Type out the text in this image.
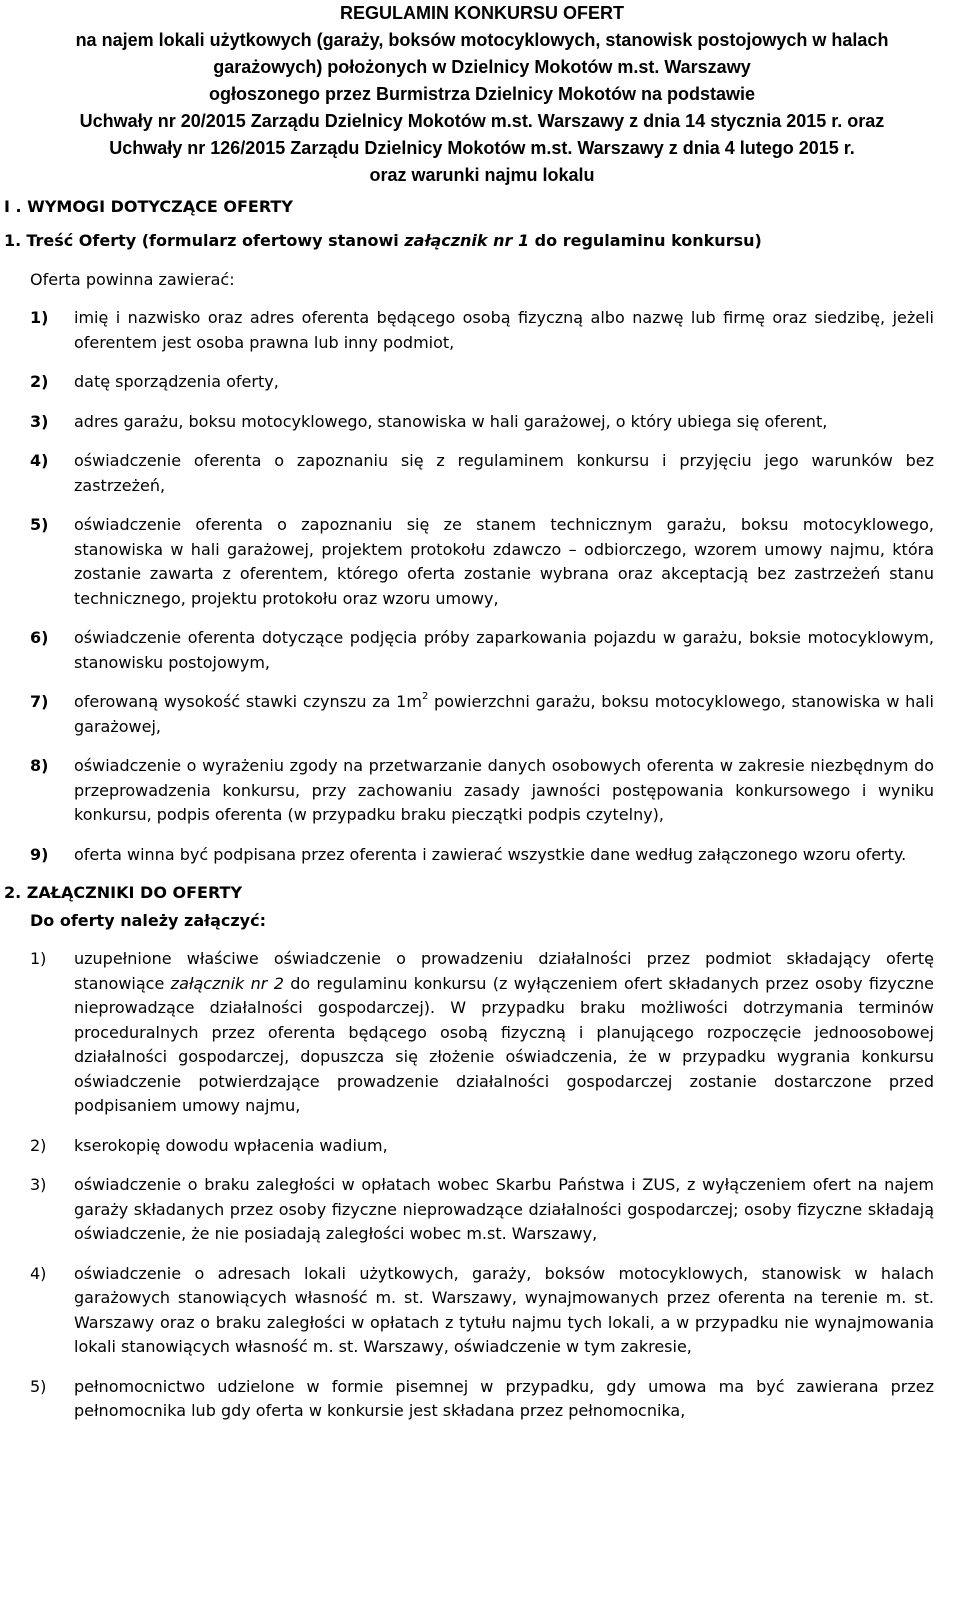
REGULAMIN KONKURSU OFERT
na najem lokali użytkowych (garaży, boksów motocyklowych, stanowisk postojowych w halach
garażowych) położonych w Dzielnicy Mokotów m.st. Warszawy
ogłoszonego przez Burmistrza Dzielnicy Mokotów na podstawie
Uchwały nr 20/2015 Zarządu Dzielnicy Mokotów m.st. Warszawy z dnia 14 stycznia 2015 r. oraz
Uchwały nr 126/2015 Zarządu Dzielnicy Mokotów m.st. Warszawy z dnia 4 lutego 2015 r.
oraz warunki najmu lokalu
I . WYMOGI DOTYCZĄCE OFERTY
1. Treść Oferty (formularz ofertowy stanowi załącznik nr 1 do regulaminu konkursu)
Oferta powinna zawierać:
1)	imię i nazwisko oraz adres oferenta będącego osobą fizyczną albo nazwę lub firmę oraz siedzibę, jeżeli oferentem jest osoba prawna lub inny podmiot,
2)	datę sporządzenia oferty,
3)	adres garażu, boksu motocyklowego, stanowiska w hali garażowej, o który ubiega się oferent,
4)	oświadczenie oferenta o zapoznaniu się z regulaminem konkursu i przyjęciu jego warunków bez zastrzeżeń,
5)	oświadczenie oferenta o zapoznaniu się ze stanem technicznym garażu, boksu motocyklowego, stanowiska w hali garażowej, projektem protokołu zdawczo – odbiorczego, wzorem umowy najmu, która zostanie zawarta z oferentem, którego oferta zostanie wybrana oraz akceptacją bez zastrzeżeń stanu technicznego, projektu protokołu oraz wzoru umowy,
6)	oświadczenie oferenta dotyczące podjęcia próby zaparkowania pojazdu w garażu, boksie motocyklowym, stanowisku postojowym,
7)	oferowaną wysokość stawki czynszu za $1m^2$ powierzchni garażu, boksu motocyklowego, stanowiska w hali garażowej,
8)	oświadczenie o wyrażeniu zgody na przetwarzanie danych osobowych oferenta w zakresie niezbędnym do przeprowadzenia konkursu, przy zachowaniu zasady jawności postępowania konkursowego i wyniku konkursu, podpis oferenta (w przypadku braku pieczątki podpis czytelny),
9)	oferta winna być podpisana przez oferenta i zawierać wszystkie dane według załączonego wzoru oferty.
2. ZAŁĄCZNIKI DO OFERTY
Do oferty należy załączyć:
1)	uzupełnione właściwe oświadczenie o prowadzeniu działalności przez podmiot składający ofertę stanowiące załącznik nr 2 do regulaminu konkursu (z wyłączeniem ofert składanych przez osoby fizyczne nieprowadzące działalności gospodarczej). W przypadku braku możliwości dotrzymania terminów proceduralnych przez oferenta będącego osobą fizyczną i planującego rozpoczęcie jednoosobowej działalności gospodarczej, dopuszcza się złożenie oświadczenia, że w przypadku wygrania konkursu oświadczenie potwierdzające prowadzenie działalności gospodarczej zostanie dostarczone przed podpisaniem umowy najmu,
2)	kserokopię dowodu wpłacenia wadium,
3)	oświadczenie o braku zaległości w opłatach wobec Skarbu Państwa i ZUS, z wyłączeniem ofert na najem garaży składanych przez osoby fizyczne nieprowadzące działalności gospodarczej; osoby fizyczne składają oświadczenie, że nie posiadają zaległości wobec m.st. Warszawy,
4)	oświadczenie o adresach lokali użytkowych, garaży, boksów motocyklowych, stanowisk w halach garażowych stanowiących własność m. st. Warszawy, wynajmowanych przez oferenta na terenie m. st. Warszawy oraz o braku zaległości w opłatach z tytułu najmu tych lokali, a w przypadku nie wynajmowania lokali stanowiących własność m. st. Warszawy, oświadczenie w tym zakresie,
5)	pełnomocnictwo udzielone w formie pisemnej w przypadku, gdy umowa ma być zawierana przez pełnomocnika lub gdy oferta w konkursie jest składana przez pełnomocnika,
